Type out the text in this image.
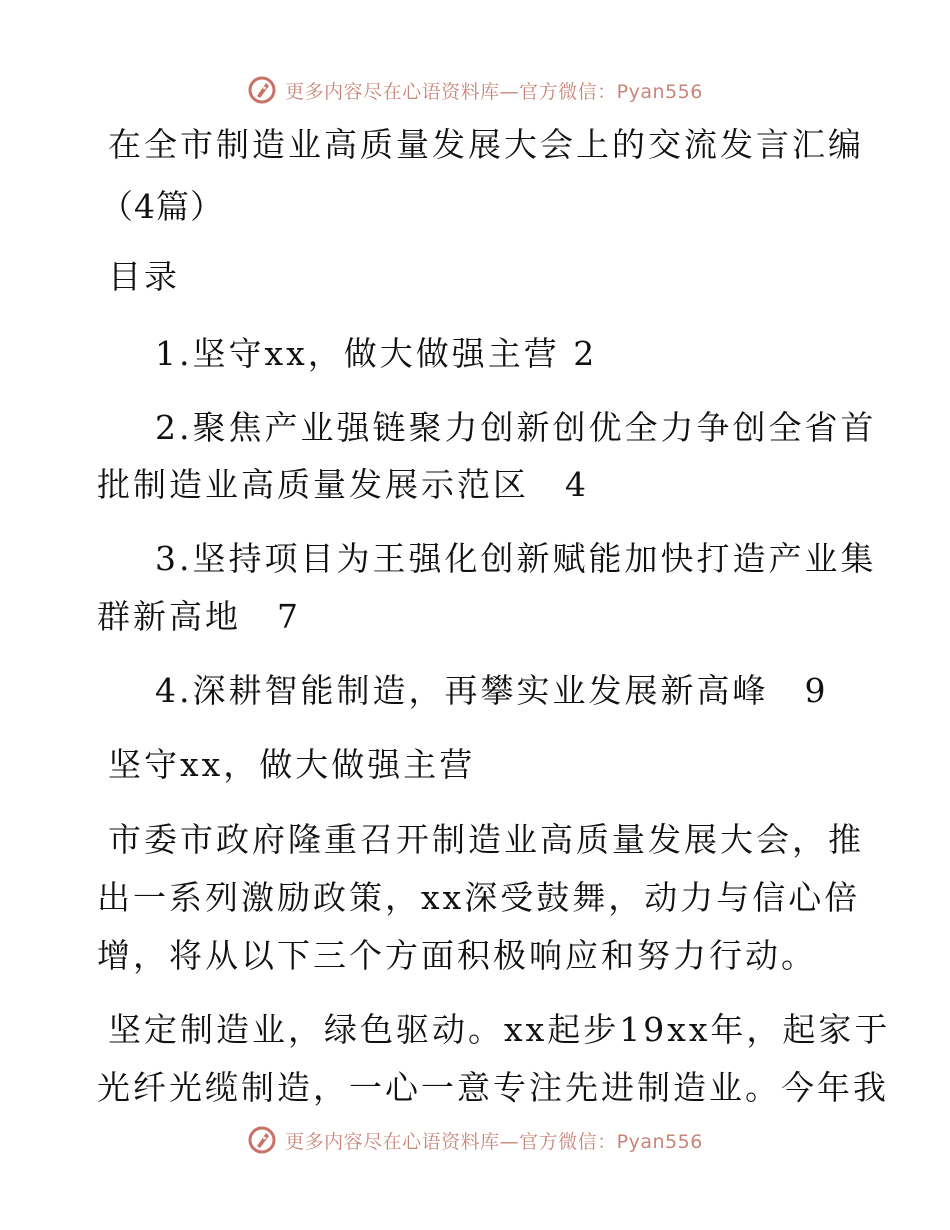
更多内容尽在心语资料库—官方微信：Pyan556

在全市制造业高质量发展大会上的交流发言汇编

（4篇）

目录

1.坚守xx，做大做强主营 2

2.聚焦产业强链聚力创新创优全力争创全省首

批制造业高质量发展示范区　4

3.坚持项目为王强化创新赋能加快打造产业集

群新高地　7

4.深耕智能制造，再攀实业发展新高峰　9

坚守xx，做大做强主营

市委市政府隆重召开制造业高质量发展大会，推

出一系列激励政策，xx深受鼓舞，动力与信心倍

增，将从以下三个方面积极响应和努力行动。

坚定制造业，绿色驱动。xx起步19xx年，起家于

光纤光缆制造，一心一意专注先进制造业。今年我

更多内容尽在心语资料库—官方微信：Pyan556
